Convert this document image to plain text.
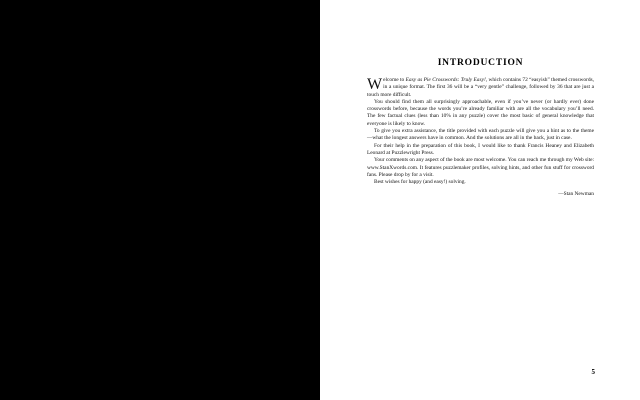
INTRODUCTION

Welcome to Easy as Pie Crosswords: Truly Easy!, which contains 72 “easyish” themed crosswords, in a unique format. The first 36 will be a “very gentle” challenge, followed by 36 that are just a touch more difficult.

You should find them all surprisingly approachable, even if you’ve never (or hardly ever) done crosswords before, because the words you’re already familiar with are all the vocabulary you’ll need. The few factual clues (less than 10% in any puzzle) cover the most basic of general knowledge that everyone is likely to know.

To give you extra assistance, the title provided with each puzzle will give you a hint as to the theme—what the longest answers have in common. And the solutions are all in the back, just in case.

For their help in the preparation of this book, I would like to thank Francis Heaney and Elizabeth Leonard at Puzzlewright Press.

Your comments on any aspect of the book are most welcome. You can reach me through my Web site: www.StanXwords.com. It features puzzlemaker profiles, solving hints, and other fun stuff for crossword fans. Please drop by for a visit.

Best wishes for happy (and easy!) solving.

—Stan Newman

5
